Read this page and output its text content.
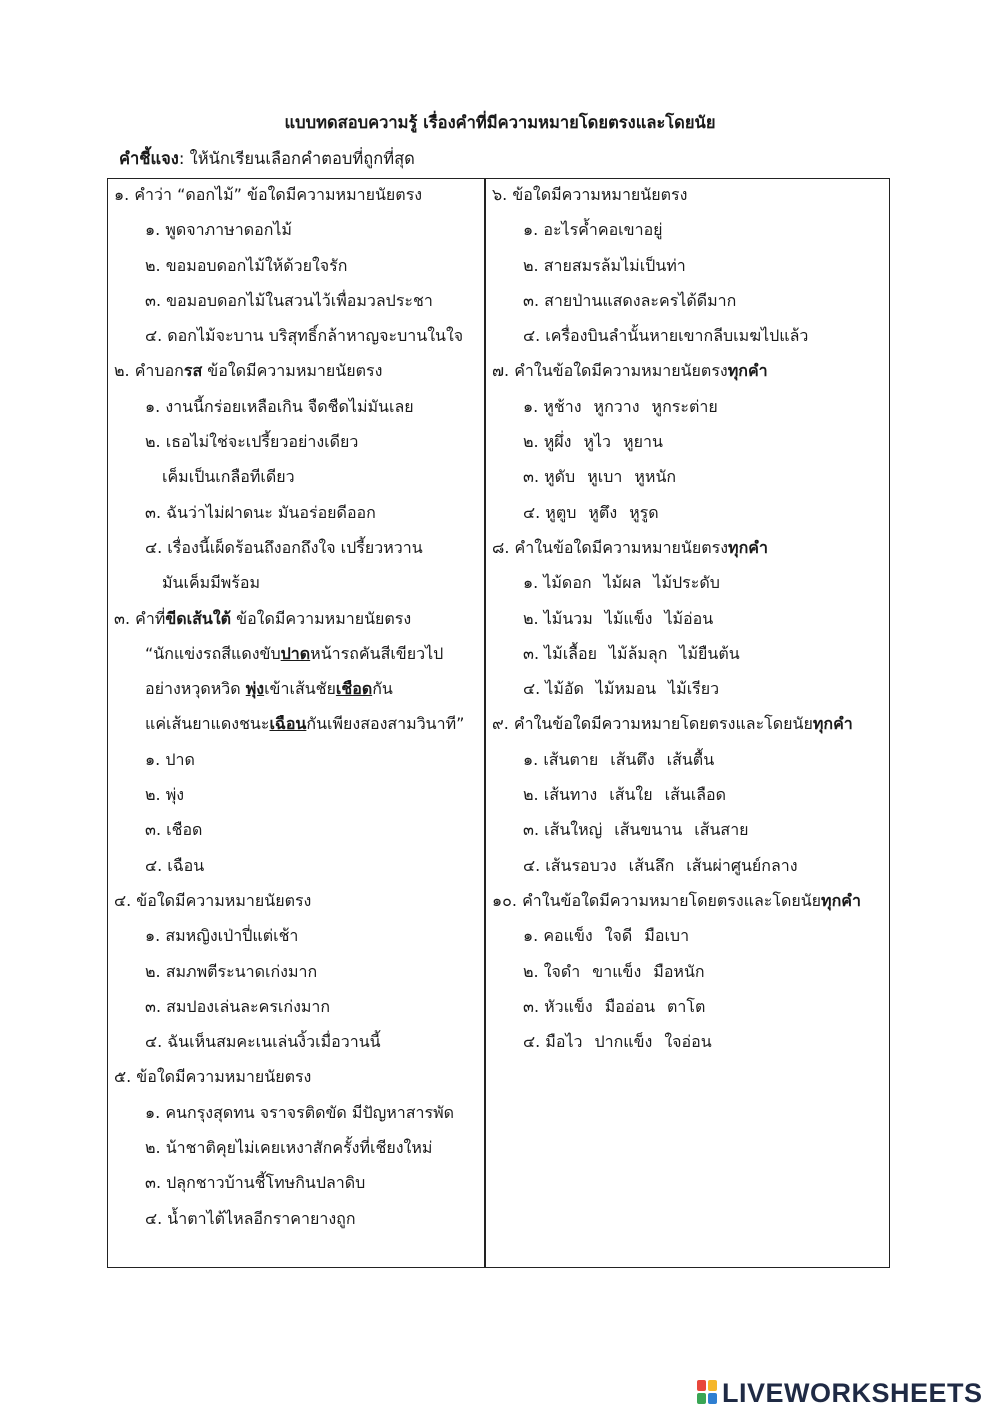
แบบทดสอบความรู้ เรื่องคำที่มีความหมายโดยตรงและโดยนัย
คำชี้แจง: ให้นักเรียนเลือกคำตอบที่ถูกที่สุด
๑. คำว่า “ดอกไม้” ข้อใดมีความหมายนัยตรง
๑. พูดจาภาษาดอกไม้
๒. ขอมอบดอกไม้ให้ด้วยใจรัก
๓. ขอมอบดอกไม้ในสวนไว้เพื่อมวลประชา
๔. ดอกไม้จะบาน บริสุทธิ์กล้าหาญจะบานในใจ
๒. คำบอกรส ข้อใดมีความหมายนัยตรง
๑. งานนี้กร่อยเหลือเกิน จืดชืดไม่มันเลย
๒. เธอไม่ใช่จะเปรี้ยวอย่างเดียว
เค็มเป็นเกลือทีเดียว
๓. ฉันว่าไม่ฝาดนะ มันอร่อยดีออก
๔. เรื่องนี้เผ็ดร้อนถึงอกถึงใจ เปรี้ยวหวาน
มันเค็มมีพร้อม
๓. คำที่ขีดเส้นใต้ ข้อใดมีความหมายนัยตรง
“นักแข่งรถสีแดงขับปาดหน้ารถคันสีเขียวไป
อย่างหวุดหวิด พุ่งเข้าเส้นชัยเชือดกัน
แค่เส้นยาแดงชนะเฉือนกันเพียงสองสามวินาที”
๑. ปาด
๒. พุ่ง
๓. เชือด
๔. เฉือน
๔. ข้อใดมีความหมายนัยตรง
๑. สมหญิงเป่าปี่แต่เช้า
๒. สมภพตีระนาดเก่งมาก
๓. สมปองเล่นละครเก่งมาก
๔. ฉันเห็นสมคะเนเล่นงิ้วเมื่อวานนี้
๕. ข้อใดมีความหมายนัยตรง
๑. คนกรุงสุดทน จราจรติดขัด มีปัญหาสารพัด
๒. น้าชาติคุยไม่เคยเหงาสักครั้งที่เชียงใหม่
๓. ปลุกชาวบ้านชี้โทษกินปลาดิบ
๔. น้ำตาไต้ไหลอีกราคายางถูก
๖. ข้อใดมีความหมายนัยตรง
๑. อะไรค้ำคอเขาอยู่
๒. สายสมรล้มไม่เป็นท่า
๓. สายป่านแสดงละครได้ดีมาก
๔. เครื่องบินลำนั้นหายเขากลีบเมฆไปแล้ว
๗. คำในข้อใดมีความหมายนัยตรงทุกคำ
๑. หูช้าง หูกวาง หูกระต่าย
๒. หูผึ่ง หูไว หูยาน
๓. หูดับ หูเบา หูหนัก
๔. หูตูบ หูตึง หูรูด
๘. คำในข้อใดมีความหมายนัยตรงทุกคำ
๑. ไม้ดอก ไม้ผล ไม้ประดับ
๒. ไม้นวม ไม้แข็ง ไม้อ่อน
๓. ไม้เลื้อย ไม้ล้มลุก ไม้ยืนต้น
๔. ไม้อัด ไม้หมอน ไม้เรียว
๙. คำในข้อใดมีความหมายโดยตรงและโดยนัยทุกคำ
๑. เส้นตาย เส้นตึง เส้นตื้น
๒. เส้นทาง เส้นใย เส้นเลือด
๓. เส้นใหญ่ เส้นขนาน เส้นสาย
๔. เส้นรอบวง เส้นลึก เส้นผ่าศูนย์กลาง
๑๐. คำในข้อใดมีความหมายโดยตรงและโดยนัยทุกคำ
๑. คอแข็ง ใจดี มือเบา
๒. ใจดำ ขาแข็ง มือหนัก
๓. หัวแข็ง มืออ่อน ตาโต
๔. มือไว ปากแข็ง ใจอ่อน
LIVEWORKSHEETS
